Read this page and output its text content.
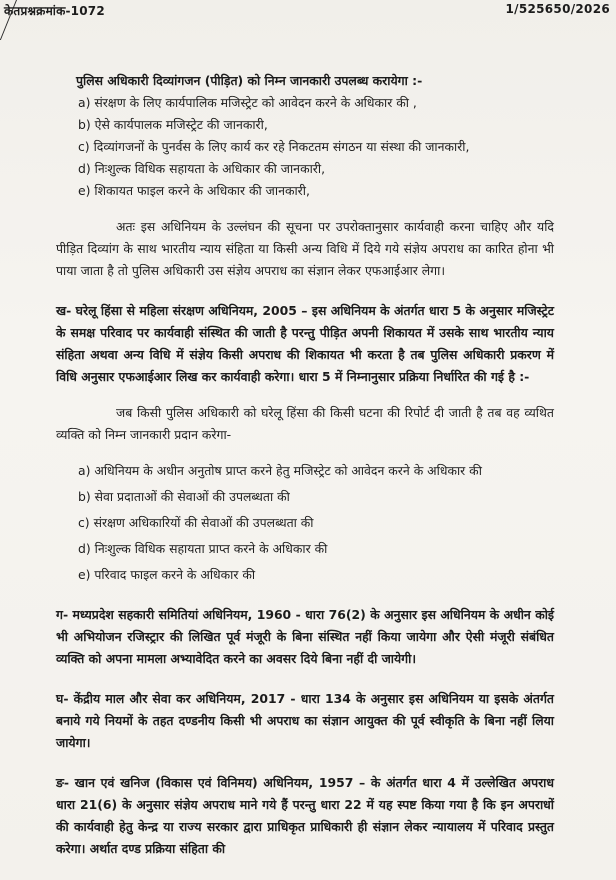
केतप्रश्नक्रमांक-1072	1/525650/2026

पुलिस अधिकारी दिव्यांगजन (पीड़ित) को निम्न जानकारी उपलब्ध करायेगा :-

a) संरक्षण के लिए कार्यपालिक मजिस्ट्रेट को आवेदन करने के अधिकार की ,
b) ऐसे कार्यपालक मजिस्ट्रेट की जानकारी,
c) दिव्यांगजनों के पुनर्वस के लिए कार्य कर रहे निकटतम संगठन या संस्था की जानकारी,
d) निःशुल्क विधिक सहायता के अधिकार की जानकारी,
e) शिकायत फाइल करने के अधिकार की जानकारी,

अतः इस अधिनियम के उल्लंघन की सूचना पर उपरोक्तानुसार कार्यवाही करना चाहिए और यदि पीड़ित दिव्यांग के साथ भारतीय न्याय संहिता या किसी अन्य विधि में दिये गये संज्ञेय अपराध का कारित होना भी पाया जाता है तो पुलिस अधिकारी उस संज्ञेय अपराध का संज्ञान लेकर एफआईआर लेगा।

ख- घरेलू हिंसा से महिला संरक्षण अधिनियम, 2005 – इस अधिनियम के अंतर्गत धारा 5 के अनुसार मजिस्ट्रेट के समक्ष परिवाद पर कार्यवाही संस्थित की जाती है परन्तु पीड़ित अपनी शिकायत में उसके साथ भारतीय न्याय संहिता अथवा अन्य विधि में संज्ञेय किसी अपराध की शिकायत भी करता है तब पुलिस अधिकारी प्रकरण में विधि अनुसार एफआईआर लिख कर कार्यवाही करेगा। धारा 5 में निम्नानुसार प्रक्रिया निर्धारित की गई है :-

जब किसी पुलिस अधिकारी को घरेलू हिंसा की किसी घटना की रिपोर्ट दी जाती है तब वह व्यथित व्यक्ति को निम्न जानकारी प्रदान करेगा-

a) अधिनियम के अधीन अनुतोष प्राप्त करने हेतु मजिस्ट्रेट को आवेदन करने के अधिकार की
b) सेवा प्रदाताओं की सेवाओं की उपलब्धता की
c) संरक्षण अधिकारियों की सेवाओं की उपलब्धता की
d) निःशुल्क विधिक सहायता प्राप्त करने के अधिकार की
e) परिवाद फाइल करने के अधिकार की

ग- मध्यप्रदेश सहकारी समितियां अधिनियम, 1960 - धारा 76(2) के अनुसार इस अधिनियम के अधीन कोई भी अभियोजन रजिस्ट्रार की लिखित पूर्व मंजूरी के बिना संस्थित नहीं किया जायेगा और ऐसी मंजूरी संबंधित व्यक्ति को अपना मामला अभ्यावेदित करने का अवसर दिये बिना नहीं दी जायेगी।

घ- केंद्रीय माल और सेवा कर अधिनियम, 2017 - धारा 134 के अनुसार इस अधिनियम या इसके अंतर्गत बनाये गये नियमों के तहत दण्डनीय किसी भी अपराध का संज्ञान आयुक्त की पूर्व स्वीकृति के बिना नहीं लिया जायेगा।

ङ- खान एवं खनिज (विकास एवं विनिमय) अधिनियम, 1957 – के अंतर्गत धारा 4 में उल्लेखित अपराध धारा 21(6) के अनुसार संज्ञेय अपराध माने गये हैं परन्तु धारा 22 में यह स्पष्ट किया गया है कि इन अपराधों की कार्यवाही हेतु केन्द्र या राज्य सरकार द्वारा प्राधिकृत प्राधिकारी ही संज्ञान लेकर न्यायालय में परिवाद प्रस्तुत करेगा। अर्थात दण्ड प्रक्रिया संहिता की
